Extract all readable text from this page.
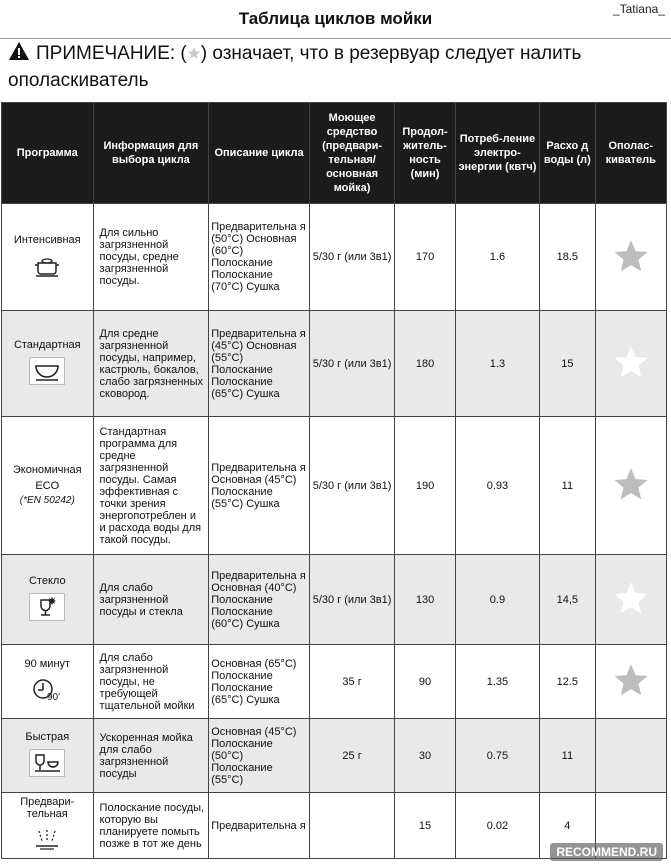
_Tatiana_
Таблица циклов мойки
ПРИМЕЧАНИЕ: ( ) означает, что в резервуар следует налить ополаскиватель
Программа	Информация для выбора цикла	Описание цикла	Моющее средство (предвари-тельная/ основная мойка)	Продол-житель-ность (мин)	Потреб-ление электро-энергии (квтч)	Расхо д воды (л)	Ополас-киватель

Интенсивная	Для сильно загрязненной посуды, средне загрязненной посуды.	Предварительна я (50°C) Основная (60°C) Полоскание Полоскание (70°C) Сушка	5/30 г (или 3в1)	170	1.6	18.5	

Стандартная	Для средне загрязненной посуды, например, кастрюль, бокалов, слабо загрязненных сковород.	Предварительна я (45°C) Основная (55°C) Полоскание Полоскание (65°C) Сушка	5/30 г (или 3в1)	180	1.3	15	

Экономичная
ECO
(*EN 50242)	Стандартная программа для средне загрязненной посуды. Самая эффективная с точки зрения энергопотреблен и и расхода воды для такой посуды.	Предварительна я Основная (45°C) Полоскание (55°C) Сушка	5/30 г (или 3в1)	190	0.93	11	

Стекло	Для слабо загрязненной посуды и стекла	Предварительна я Основная (40°C) Полоскание Полоскание (60°C) Сушка	5/30 г (или 3в1)	130	0.9	14,5	

90 минут
90'	Для слабо загрязненной посуды, не требующей тщательной мойки	Основная (65°C) Полоскание Полоскание (65°C) Сушка	35 г	90	1.35	12.5	

Быстрая	Ускоренная мойка для слабо загрязненной посуды	Основная (45°C) Полоскание (50°C) Полоскание (55°C)	25 г	30	0.75	11	

Предвари-тельная	Полоскание посуды, которую вы планируете помыть позже в тот же день	Предварительна я		15	0.02	4	
RECOMMEND.RU
